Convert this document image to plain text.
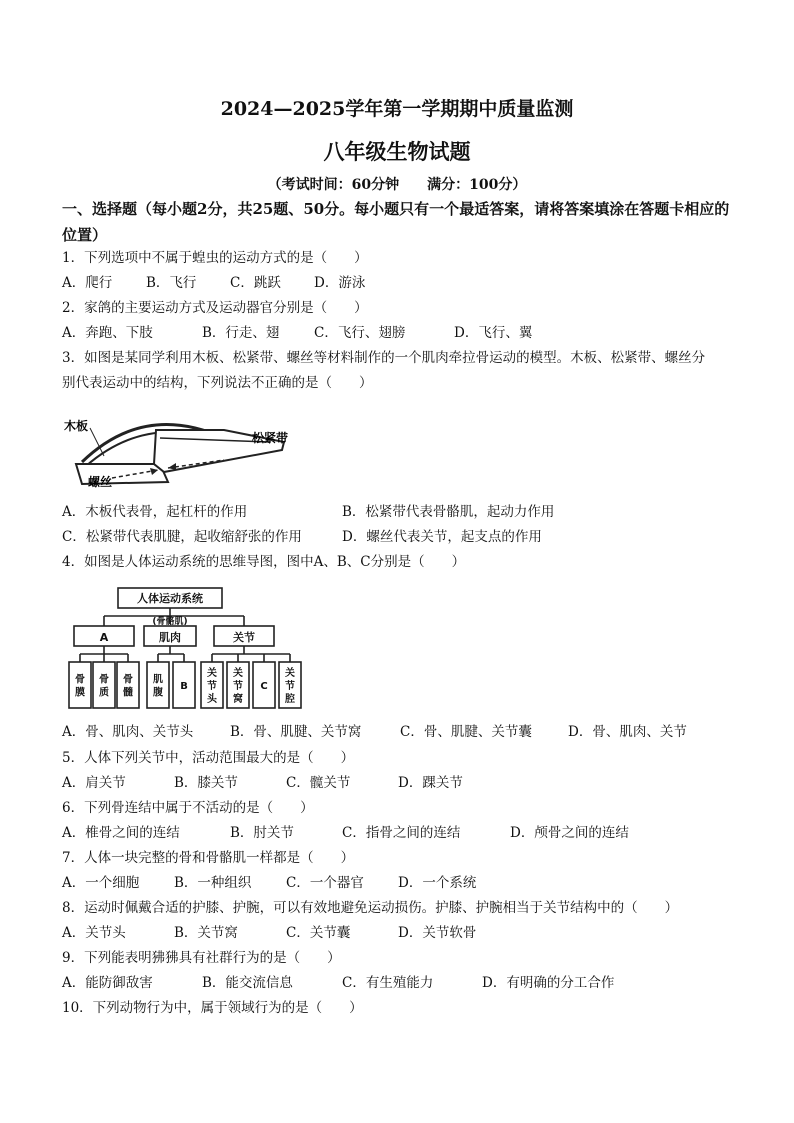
2024—2025学年第一学期期中质量监测
八年级生物试题
（考试时间：60分钟　　满分：100分）
一、选择题（每小题2分，共25题、50分。每小题只有一个最适答案，请将答案填涂在答题卡相应的位置）
1．下列选项中不属于蝗虫的运动方式的是（　　）
A．爬行	B．飞行 C．跳跃 D．游泳
2．家鸽的主要运动方式及运动器官分别是（　　）
A．奔跑、下肢	B．行走、翅	C．飞行、翅膀	D．飞行、翼
3．如图是某同学利用木板、松紧带、螺丝等材料制作的一个肌肉牵拉骨运动的模型。木板、松紧带、螺丝分
别代表运动中的结构，下列说法不正确的是（　　）
木板
松紧带
螺丝
A．木板代表骨，起杠杆的作用	B．松紧带代表骨骼肌，起动力作用
C．松紧带代表肌腱，起收缩舒张的作用	D．螺丝代表关节，起支点的作用
4．如图是人体运动系统的思维导图，图中A、B、C分别是（　　）
人体运动系统
A	肌肉	关节
(骨骼肌)
骨膜
骨质
骨髓
肌腹
B
关节头
关节窝
C
关节腔
A．骨、肌肉、关节头	B．骨、肌腱、关节窝	C．骨、肌腱、关节囊	D．骨、肌肉、关节
5．人体下列关节中，活动范围最大的是（　　）
A．肩关节	B．膝关节	C．髋关节	D．踝关节
6．下列骨连结中属于不活动的是（　　）
A．椎骨之间的连结	B．肘关节	C．指骨之间的连结	D．颅骨之间的连结
7．人体一块完整的骨和骨骼肌一样都是（　　）
A．一个细胞	B．一种组织	C．一个器官	D．一个系统
8．运动时佩戴合适的护膝、护腕，可以有效地避免运动损伤。护膝、护腕相当于关节结构中的（　　）
A．关节头	B．关节窝	C．关节囊	D．关节软骨
9．下列能表明狒狒具有社群行为的是（　　）
A．能防御敌害	B．能交流信息	C．有生殖能力	D．有明确的分工合作
10．下列动物行为中，属于领域行为的是（　　）
